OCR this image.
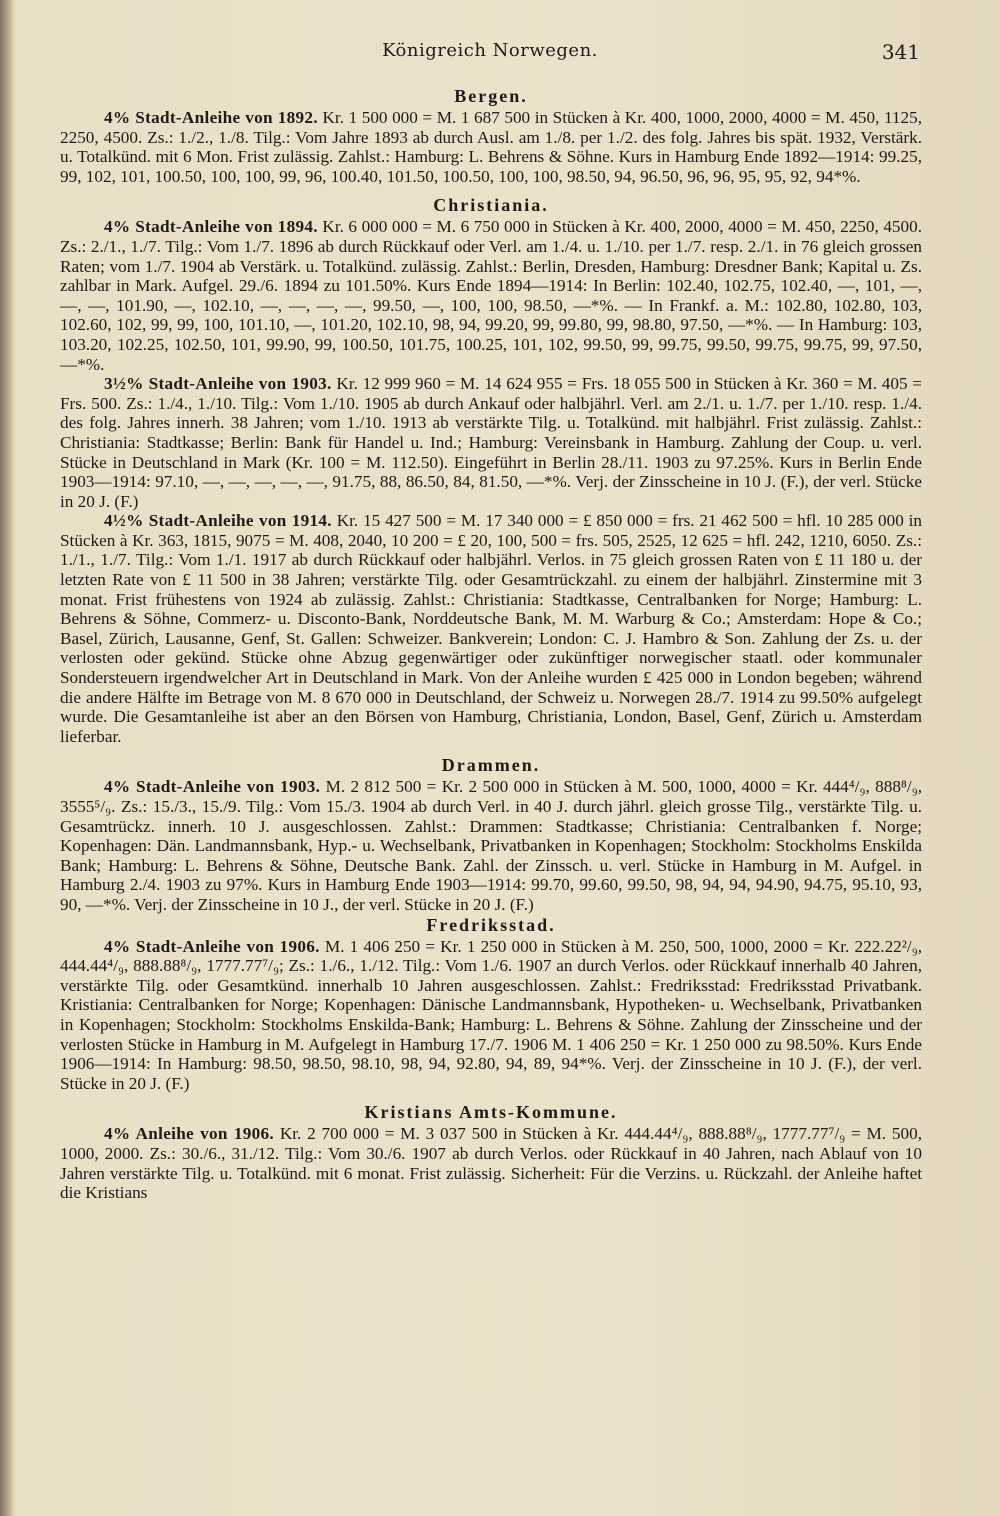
Königreich Norwegen.	341
Bergen.

4% Stadt-Anleihe von 1892. Kr. 1 500 000 = M. 1 687 500 in Stücken à Kr. 400, 1000, 2000, 4000 = M. 450, 1125, 2250, 4500. Zs.: 1./2., 1./8. Tilg.: Vom Jahre 1893 ab durch Ausl. am 1./8. per 1./2. des folg. Jahres bis spät. 1932, Verstärk. u. Totalkünd. mit 6 Mon. Frist zulässig. Zahlst.: Hamburg: L. Behrens & Söhne. Kurs in Hamburg Ende 1892—1914: 99.25, 99, 102, 101, 100.50, 100, 100, 99, 96, 100.40, 101.50, 100.50, 100, 100, 98.50, 94, 96.50, 96, 96, 95, 95, 92, 94*%.

Christiania.

4% Stadt-Anleihe von 1894. Kr. 6 000 000 = M. 6 750 000 in Stücken à Kr. 400, 2000, 4000 = M. 450, 2250, 4500. Zs.: 2./1., 1./7. Tilg.: Vom 1./7. 1896 ab durch Rückkauf oder Verl. am 1./4. u. 1./10. per 1./7. resp. 2./1. in 76 gleich grossen Raten; vom 1./7. 1904 ab Verstärk. u. Totalkünd. zulässig. Zahlst.: Berlin, Dresden, Hamburg: Dresdner Bank; Kapital u. Zs. zahlbar in Mark. Aufgel. 29./6. 1894 zu 101.50%. Kurs Ende 1894—1914: In Berlin: 102.40, 102.75, 102.40, —, 101, —, —, —, 101.90, —, 102.10, —, —, —, —, 99.50, —, 100, 100, 98.50, —*%. — In Frankf. a. M.: 102.80, 102.80, 103, 102.60, 102, 99, 99, 100, 101.10, —, 101.20, 102.10, 98, 94, 99.20, 99, 99.80, 99, 98.80, 97.50, —*%. — In Hamburg: 103, 103.20, 102.25, 102.50, 101, 99.90, 99, 100.50, 101.75, 100.25, 101, 102, 99.50, 99, 99.75, 99.50, 99.75, 99.75, 99, 97.50, —*%.

3½% Stadt-Anleihe von 1903. Kr. 12 999 960 = M. 14 624 955 = Frs. 18 055 500 in Stücken à Kr. 360 = M. 405 = Frs. 500. Zs.: 1./4., 1./10. Tilg.: Vom 1./10. 1905 ab durch Ankauf oder halbjährl. Verl. am 2./1. u. 1./7. per 1./10. resp. 1./4. des folg. Jahres innerh. 38 Jahren; vom 1./10. 1913 ab verstärkte Tilg. u. Totalkünd. mit halbjährl. Frist zulässig. Zahlst.: Christiania: Stadtkasse; Berlin: Bank für Handel u. Ind.; Hamburg: Vereinsbank in Hamburg. Zahlung der Coup. u. verl. Stücke in Deutschland in Mark (Kr. 100 = M. 112.50). Eingeführt in Berlin 28./11. 1903 zu 97.25%. Kurs in Berlin Ende 1903—1914: 97.10, —, —, —, —, —, 91.75, 88, 86.50, 84, 81.50, —*%. Verj. der Zinsscheine in 10 J. (F.), der verl. Stücke in 20 J. (F.)

4½% Stadt-Anleihe von 1914. Kr. 15 427 500 = M. 17 340 000 = £ 850 000 = frs. 21 462 500 = hfl. 10 285 000 in Stücken à Kr. 363, 1815, 9075 = M. 408, 2040, 10 200 = £ 20, 100, 500 = frs. 505, 2525, 12 625 = hfl. 242, 1210, 6050. Zs.: 1./1., 1./7. Tilg.: Vom 1./1. 1917 ab durch Rückkauf oder halbjährl. Verlos. in 75 gleich grossen Raten von £ 11 180 u. der letzten Rate von £ 11 500 in 38 Jahren; verstärkte Tilg. oder Gesamtrückzahl. zu einem der halbjährl. Zinstermine mit 3 monat. Frist frühestens von 1924 ab zulässig. Zahlst.: Christiania: Stadtkasse, Centralbanken for Norge; Hamburg: L. Behrens & Söhne, Commerz- u. Disconto-Bank, Norddeutsche Bank, M. M. Warburg & Co.; Amsterdam: Hope & Co.; Basel, Zürich, Lausanne, Genf, St. Gallen: Schweizer. Bankverein; London: C. J. Hambro & Son. Zahlung der Zs. u. der verlosten oder gekünd. Stücke ohne Abzug gegenwärtiger oder zukünftiger norwegischer staatl. oder kommunaler Sondersteuern irgendwelcher Art in Deutschland in Mark. Von der Anleihe wurden £ 425 000 in London begeben; während die andere Hälfte im Betrage von M. 8 670 000 in Deutschland, der Schweiz u. Norwegen 28./7. 1914 zu 99.50% aufgelegt wurde. Die Gesamtanleihe ist aber an den Börsen von Hamburg, Christiania, London, Basel, Genf, Zürich u. Amsterdam lieferbar.

Drammen.

4% Stadt-Anleihe von 1903. M. 2 812 500 = Kr. 2 500 000 in Stücken à M. 500, 1000, 4000 = Kr. 444⁴/₉, 888⁸/₉, 3555⁵/₉. Zs.: 15./3., 15./9. Tilg.: Vom 15./3. 1904 ab durch Verl. in 40 J. durch jährl. gleich grosse Tilg., verstärkte Tilg. u. Gesamtrückz. innerh. 10 J. ausgeschlossen. Zahlst.: Drammen: Stadtkasse; Christiania: Centralbanken f. Norge; Kopenhagen: Dän. Landmannsbank, Hyp.- u. Wechselbank, Privatbanken in Kopenhagen; Stockholm: Stockholms Enskilda Bank; Hamburg: L. Behrens & Söhne, Deutsche Bank. Zahl. der Zinssch. u. verl. Stücke in Hamburg in M. Aufgel. in Hamburg 2./4. 1903 zu 97%. Kurs in Hamburg Ende 1903—1914: 99.70, 99.60, 99.50, 98, 94, 94, 94.90, 94.75, 95.10, 93, 90, —*%. Verj. der Zinsscheine in 10 J., der verl. Stücke in 20 J. (F.)

Fredriksstad.

4% Stadt-Anleihe von 1906. M. 1 406 250 = Kr. 1 250 000 in Stücken à M. 250, 500, 1000, 2000 = Kr. 222.22²/₉, 444.44⁴/₉, 888.88⁸/₉, 1777.77⁷/₉; Zs.: 1./6., 1./12. Tilg.: Vom 1./6. 1907 an durch Verlos. oder Rückkauf innerhalb 40 Jahren, verstärkte Tilg. oder Gesamtkünd. innerhalb 10 Jahren ausgeschlossen. Zahlst.: Fredriksstad: Fredriksstad Privatbank. Kristiania: Centralbanken for Norge; Kopenhagen: Dänische Landmannsbank, Hypotheken- u. Wechselbank, Privatbanken in Kopenhagen; Stockholm: Stockholms Enskilda-Bank; Hamburg: L. Behrens & Söhne. Zahlung der Zinsscheine und der verlosten Stücke in Hamburg in M. Aufgelegt in Hamburg 17./7. 1906 M. 1 406 250 = Kr. 1 250 000 zu 98.50%. Kurs Ende 1906—1914: In Hamburg: 98.50, 98.50, 98.10, 98, 94, 92.80, 94, 89, 94*%. Verj. der Zinsscheine in 10 J. (F.), der verl. Stücke in 20 J. (F.)

Kristians Amts-Kommune.

4% Anleihe von 1906. Kr. 2 700 000 = M. 3 037 500 in Stücken à Kr. 444.44⁴/₉, 888.88⁸/₉, 1777.77⁷/₉ = M. 500, 1000, 2000. Zs.: 30./6., 31./12. Tilg.: Vom 30./6. 1907 ab durch Verlos. oder Rückkauf in 40 Jahren, nach Ablauf von 10 Jahren verstärkte Tilg. u. Totalkünd. mit 6 monat. Frist zulässig. Sicherheit: Für die Verzins. u. Rückzahl. der Anleihe haftet die Kristians
